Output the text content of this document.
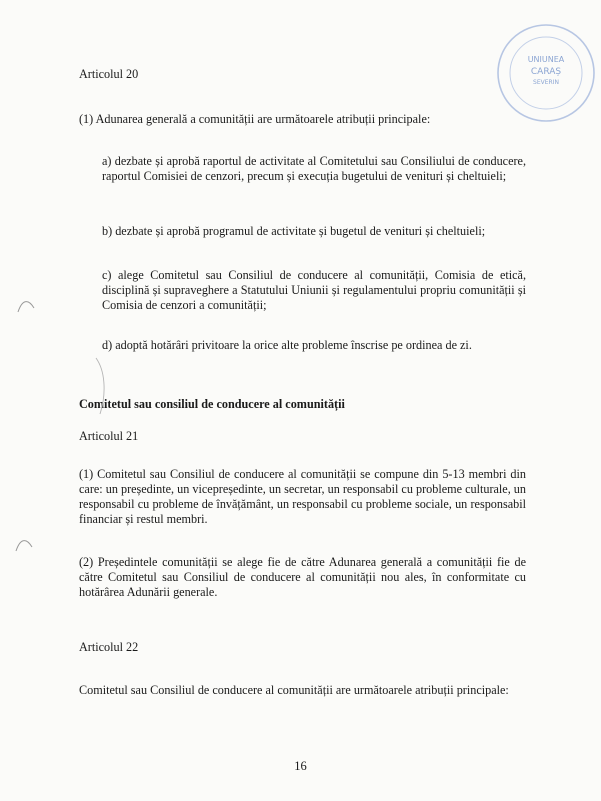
Articolul 20

(1) Adunarea generală a comunității are următoarele atribuții principale:

a) dezbate și aprobă raportul de activitate al Comitetului sau Consiliului de conducere, raportul Comisiei de cenzori, precum și execuția bugetului de venituri și cheltuieli;

b) dezbate și aprobă programul de activitate și bugetul de venituri și cheltuieli;

c) alege Comitetul sau Consiliul de conducere al comunității, Comisia de etică, disciplină și supraveghere a Statutului Uniunii și regulamentului propriu comunității și Comisia de cenzori a comunității;

d) adoptă hotărâri privitoare la orice alte probleme înscrise pe ordinea de zi.

Comitetul sau consiliul de conducere al comunității

Articolul 21

(1) Comitetul sau Consiliul de conducere al comunității se compune din 5-13 membri din care: un președinte, un vicepreședinte, un secretar, un responsabil cu probleme culturale, un responsabil cu probleme de învățământ, un responsabil cu probleme sociale, un responsabil financiar și restul membri.

(2) Președintele comunității se alege fie de către Adunarea generală a comunității fie de către Comitetul sau Consiliul de conducere al comunității nou ales, în conformitate cu hotărârea Adunării generale.

Articolul 22

Comitetul sau Consiliul de conducere al comunității are următoarele atribuții principale:

16
UNIUNEA
CARAȘ
SEVERIN
